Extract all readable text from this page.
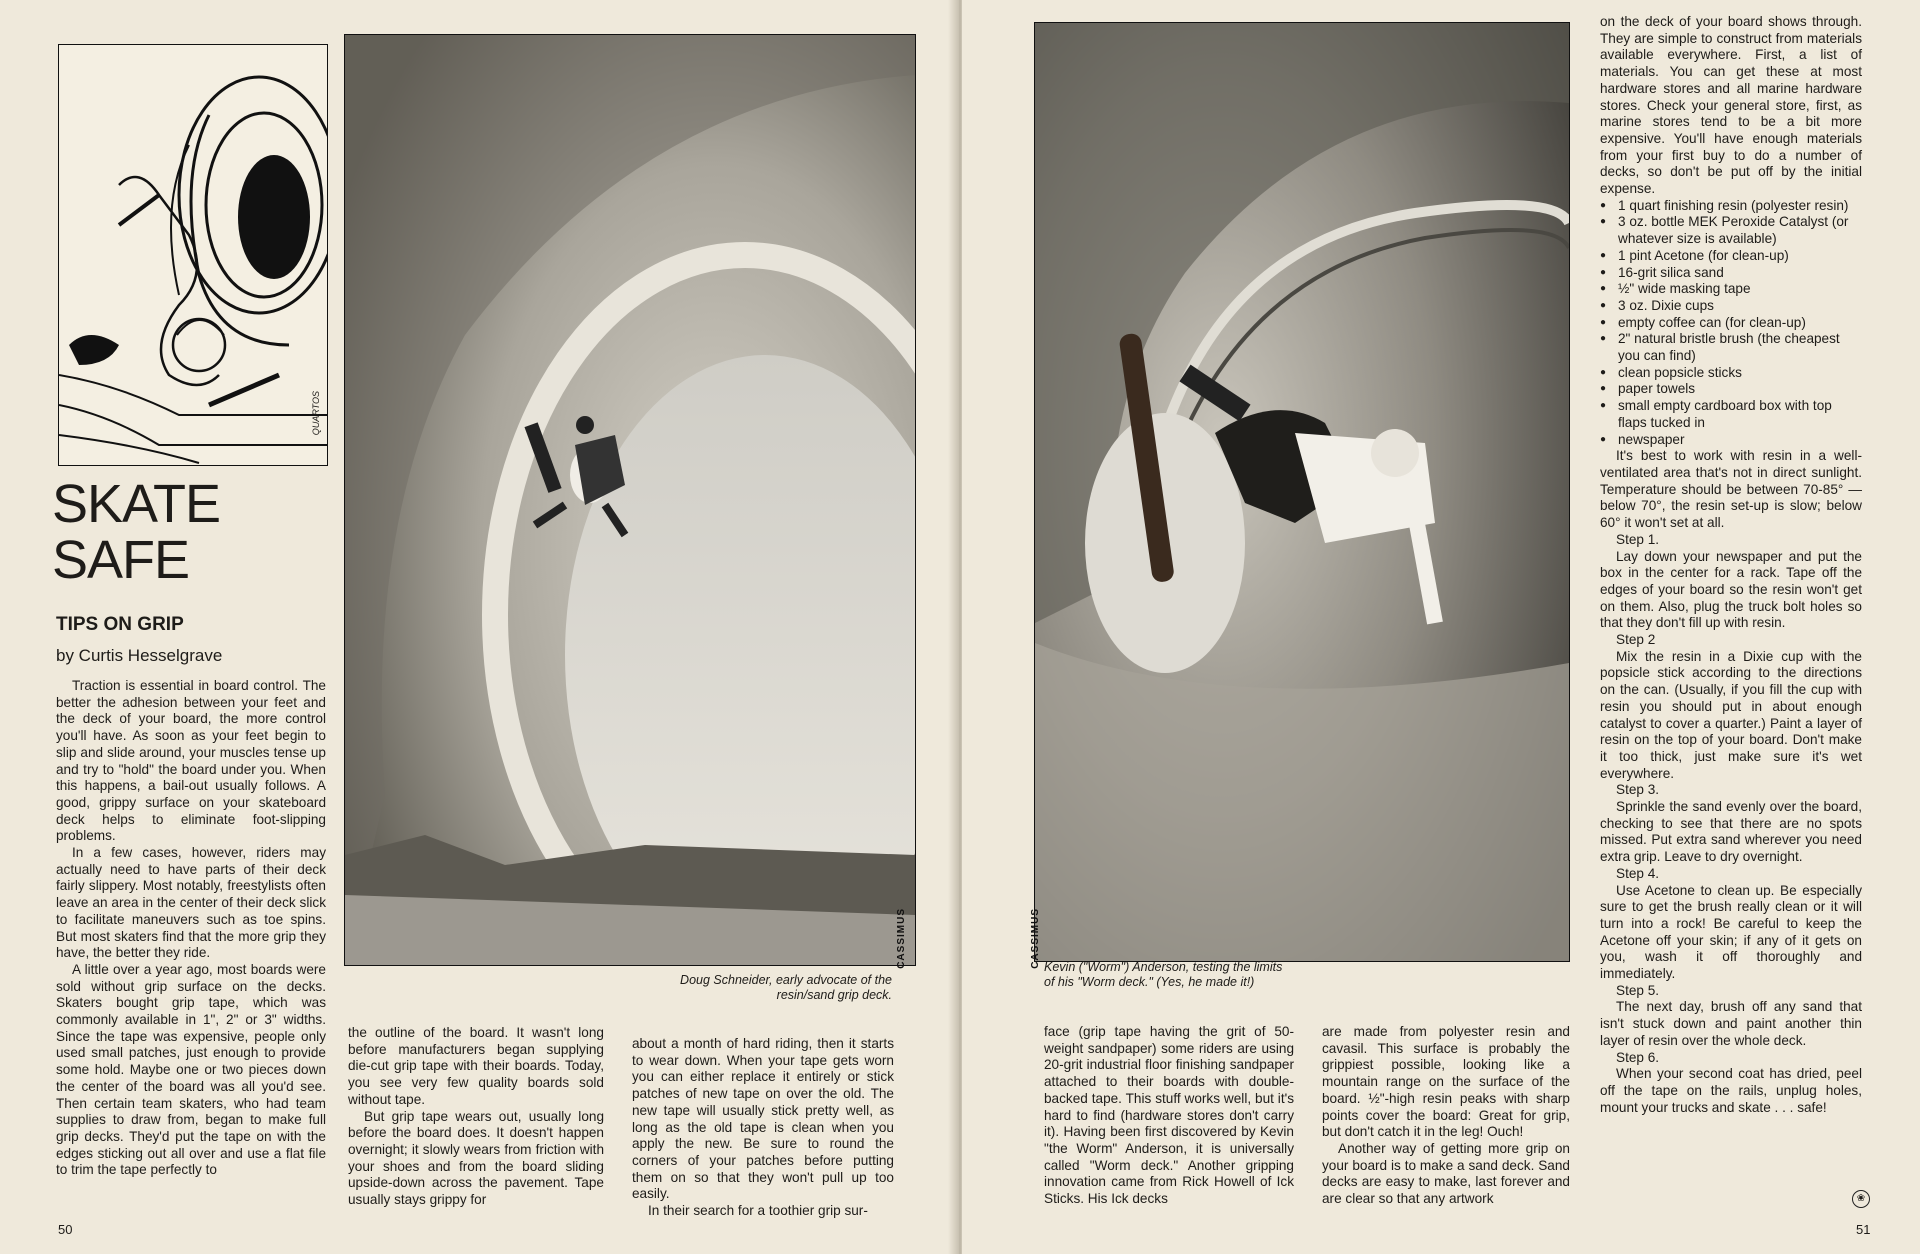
QUARTOS
SKATE
SAFE
TIPS ON GRIP
by Curtis Hesselgrave

Traction is essential in board control. The better the adhesion between your feet and the deck of your board, the more control you'll have. As soon as your feet begin to slip and slide around, your muscles tense up and try to "hold" the board under you. When this happens, a bail-out usually follows. A good, grippy surface on your skateboard deck helps to eliminate foot-slipping problems.

In a few cases, however, riders may actually need to have parts of their deck fairly slippery. Most notably, freestylists often leave an area in the center of their deck slick to facilitate maneuvers such as toe spins. But most skaters find that the more grip they have, the better they ride.

A little over a year ago, most boards were sold without grip surface on the decks. Skaters bought grip tape, which was commonly available in 1", 2" or 3" widths. Since the tape was expensive, people only used small patches, just enough to provide some hold. Maybe one or two pieces down the center of the board was all you'd see. Then certain team skaters, who had team supplies to draw from, began to make full grip decks. They'd put the tape on with the edges sticking out all over and use a flat file to trim the tape perfectly to

CASSIMUS
Doug Schneider, early advocate of the
resin/sand grip deck.

the outline of the board. It wasn't long before manufacturers began supplying die-cut grip tape with their boards. Today, you see very few quality boards sold without tape.

But grip tape wears out, usually long before the board does. It doesn't happen overnight; it slowly wears from friction with your shoes and from the board sliding upside-down across the pavement. Tape usually stays grippy for

about a month of hard riding, then it starts to wear down. When your tape gets worn you can either replace it entirely or stick patches of new tape on over the old. The new tape will usually stick pretty well, as long as the old tape is clean when you apply the new. Be sure to round the corners of your patches before putting them on so that they won't pull up too easily.

In their search for a toothier grip sur-

50
CASSIMUS Kevin ("Worm") Anderson, testing the limits
of his "Worm deck." (Yes, he made it!)

face (grip tape having the grit of 50-weight sandpaper) some riders are using 20-grit industrial floor finishing sandpaper attached to their boards with double-backed tape. This stuff works well, but it's hard to find (hardware stores don't carry it). Having been first discovered by Kevin "the Worm" Anderson, it is universally called "Worm deck." Another gripping innovation came from Rick Howell of Ick Sticks. His Ick decks

are made from polyester resin and cavasil. This surface is probably the grippiest possible, looking like a mountain range on the surface of the board. ½"-high resin peaks with sharp points cover the board: Great for grip, but don't catch it in the leg! Ouch!

Another way of getting more grip on your board is to make a sand deck. Sand decks are easy to make, last forever and are clear so that any artwork

on the deck of your board shows through. They are simple to construct from materials available everywhere. First, a list of materials. You can get these at most hardware stores and all marine hardware stores. Check your general store, first, as marine stores tend to be a bit more expensive. You'll have enough materials from your first buy to do a number of decks, so don't be put off by the initial expense.

● 1 quart finishing resin (polyester resin)
● 3 oz. bottle MEK Peroxide Catalyst (or whatever size is available)
● 1 pint Acetone (for clean-up)
● 16-grit silica sand
● ½" wide masking tape
● 3 oz. Dixie cups
● empty coffee can (for clean-up)
● 2" natural bristle brush (the cheapest you can find)
● clean popsicle sticks
● paper towels
● small empty cardboard box with top flaps tucked in
● newspaper

It's best to work with resin in a well-ventilated area that's not in direct sunlight. Temperature should be between 70-85° — below 70°, the resin set-up is slow; below 60° it won't set at all.

Step 1.

Lay down your newspaper and put the box in the center for a rack. Tape off the edges of your board so the resin won't get on them. Also, plug the truck bolt holes so that they don't fill up with resin.

Step 2

Mix the resin in a Dixie cup with the popsicle stick according to the directions on the can. (Usually, if you fill the cup with resin you should put in about enough catalyst to cover a quarter.) Paint a layer of resin on the top of your board. Don't make it too thick, just make sure it's wet everywhere.

Step 3.

Sprinkle the sand evenly over the board, checking to see that there are no spots missed. Put extra sand wherever you need extra grip. Leave to dry overnight.

Step 4.

Use Acetone to clean up. Be especially sure to get the brush really clean or it will turn into a rock! Be careful to keep the Acetone off your skin; if any of it gets on you, wash it off thoroughly and immediately.

Step 5.

The next day, brush off any sand that isn't stuck down and paint another thin layer of resin over the whole deck.

Step 6.

When your second coat has dried, peel off the tape on the rails, unplug holes, mount your trucks and skate . . . safe!

❀
51
